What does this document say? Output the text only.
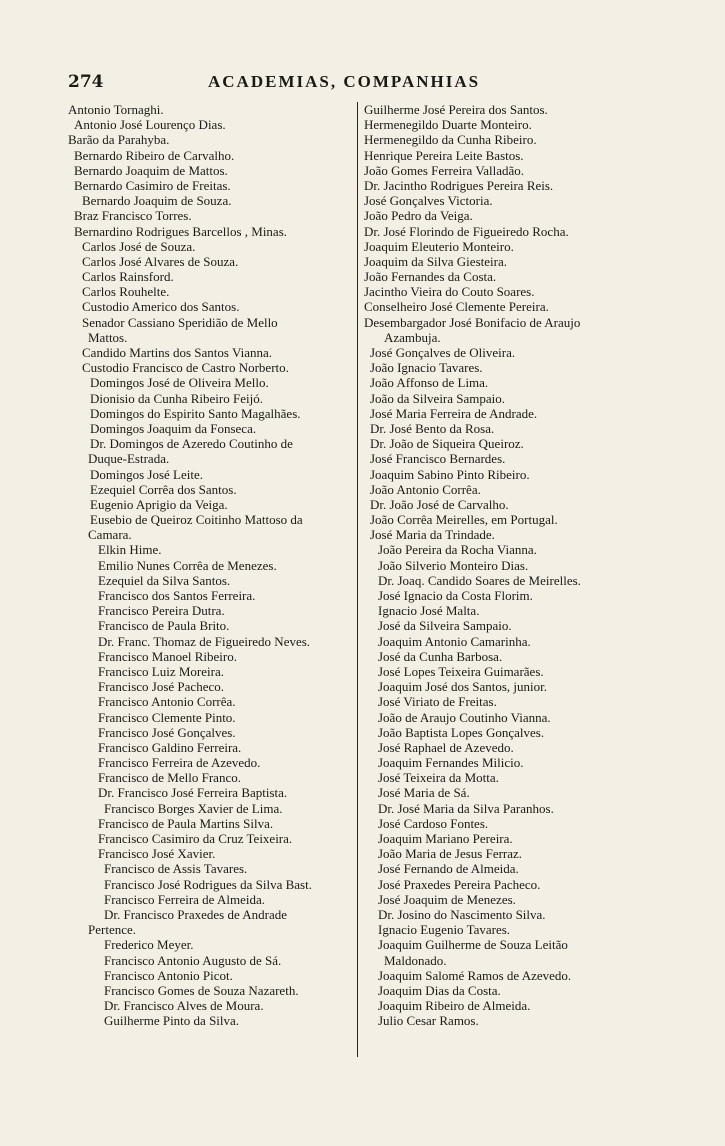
274	ACADEMIAS, COMPANHIAS
Antonio Tornaghi.
Antonio José Lourenço Dias.
Barão da Parahyba.
Bernardo Ribeiro de Carvalho.
Bernardo Joaquim de Mattos.
Bernardo Casimiro de Freitas.
Bernardo Joaquim de Souza.
Braz Francisco Torres.
Bernardino Rodrigues Barcellos , Minas.
Carlos José de Souza.
Carlos José Alvares de Souza.
Carlos Rainsford.
Carlos Rouhelte.
Custodio Americo dos Santos.
Senador Cassiano Speridião de Mello
Mattos.
Candido Martins dos Santos Vianna.
Custodio Francisco de Castro Norberto.
Domingos José de Oliveira Mello.
Dionisio da Cunha Ribeiro Feijó.
Domingos do Espirito Santo Magalhães.
Domingos Joaquim da Fonseca.
Dr. Domingos de Azeredo Coutinho de
Duque-Estrada.
Domingos José Leite.
Ezequiel Corrêa dos Santos.
Eugenio Aprigio da Veiga.
Eusebio de Queiroz Coitinho Mattoso da
Camara.
Elkin Hime.
Emilio Nunes Corrêa de Menezes.
Ezequiel da Silva Santos.
Francisco dos Santos Ferreira.
Francisco Pereira Dutra.
Francisco de Paula Brito.
Dr. Franc. Thomaz de Figueiredo Neves.
Francisco Manoel Ribeiro.
Francisco Luiz Moreira.
Francisco José Pacheco.
Francisco Antonio Corrêa.
Francisco Clemente Pinto.
Francisco José Gonçalves.
Francisco Galdino Ferreira.
Francisco Ferreira de Azevedo.
Francisco de Mello Franco.
Dr. Francisco José Ferreira Baptista.
Francisco Borges Xavier de Lima.
Francisco de Paula Martins Silva.
Francisco Casimiro da Cruz Teixeira.
Francisco José Xavier.
Francisco de Assis Tavares.
Francisco José Rodrigues da Silva Bast.
Francisco Ferreira de Almeida.
Dr. Francisco Praxedes de Andrade
Pertence.
Frederico Meyer.
Francisco Antonio Augusto de Sá.
Francisco Antonio Picot.
Francisco Gomes de Souza Nazareth.
Dr. Francisco Alves de Moura.
Guilherme Pinto da Silva.
Guilherme José Pereira dos Santos.
Hermenegildo Duarte Monteiro.
Hermenegildo da Cunha Ribeiro.
Henrique Pereira Leite Bastos.
João Gomes Ferreira Valladão.
Dr. Jacintho Rodrigues Pereira Reis.
José Gonçalves Victoria.
João Pedro da Veiga.
Dr. José Florindo de Figueiredo Rocha.
Joaquim Eleuterio Monteiro.
Joaquim da Silva Giesteira.
João Fernandes da Costa.
Jacintho Vieira do Couto Soares.
Conselheiro José Clemente Pereira.
Desembargador José Bonifacio de Araujo
Azambuja.
José Gonçalves de Oliveira.
João Ignacio Tavares.
João Affonso de Lima.
João da Silveira Sampaio.
José Maria Ferreira de Andrade.
Dr. José Bento da Rosa.
Dr. João de Siqueira Queiroz.
José Francisco Bernardes.
Joaquim Sabino Pinto Ribeiro.
João Antonio Corrêa.
Dr. João José de Carvalho.
João Corrêa Meirelles, em Portugal.
José Maria da Trindade.
João Pereira da Rocha Vianna.
João Silverio Monteiro Dias.
Dr. Joaq. Candido Soares de Meirelles.
José Ignacio da Costa Florim.
Ignacio José Malta.
José da Silveira Sampaio.
Joaquim Antonio Camarinha.
José da Cunha Barbosa.
José Lopes Teixeira Guimarães.
Joaquim José dos Santos, junior.
José Viriato de Freitas.
João de Araujo Coutinho Vianna.
João Baptista Lopes Gonçalves.
José Raphael de Azevedo.
Joaquim Fernandes Milicio.
José Teixeira da Motta.
José Maria de Sá.
Dr. José Maria da Silva Paranhos.
José Cardoso Fontes.
Joaquim Mariano Pereira.
João Maria de Jesus Ferraz.
José Fernando de Almeida.
José Praxedes Pereira Pacheco.
José Joaquim de Menezes.
Dr. Josino do Nascimento Silva.
Ignacio Eugenio Tavares.
Joaquim Guilherme de Souza Leitão
Maldonado.
Joaquim Salomé Ramos de Azevedo.
Joaquim Dias da Costa.
Joaquim Ribeiro de Almeida.
Julio Cesar Ramos.
